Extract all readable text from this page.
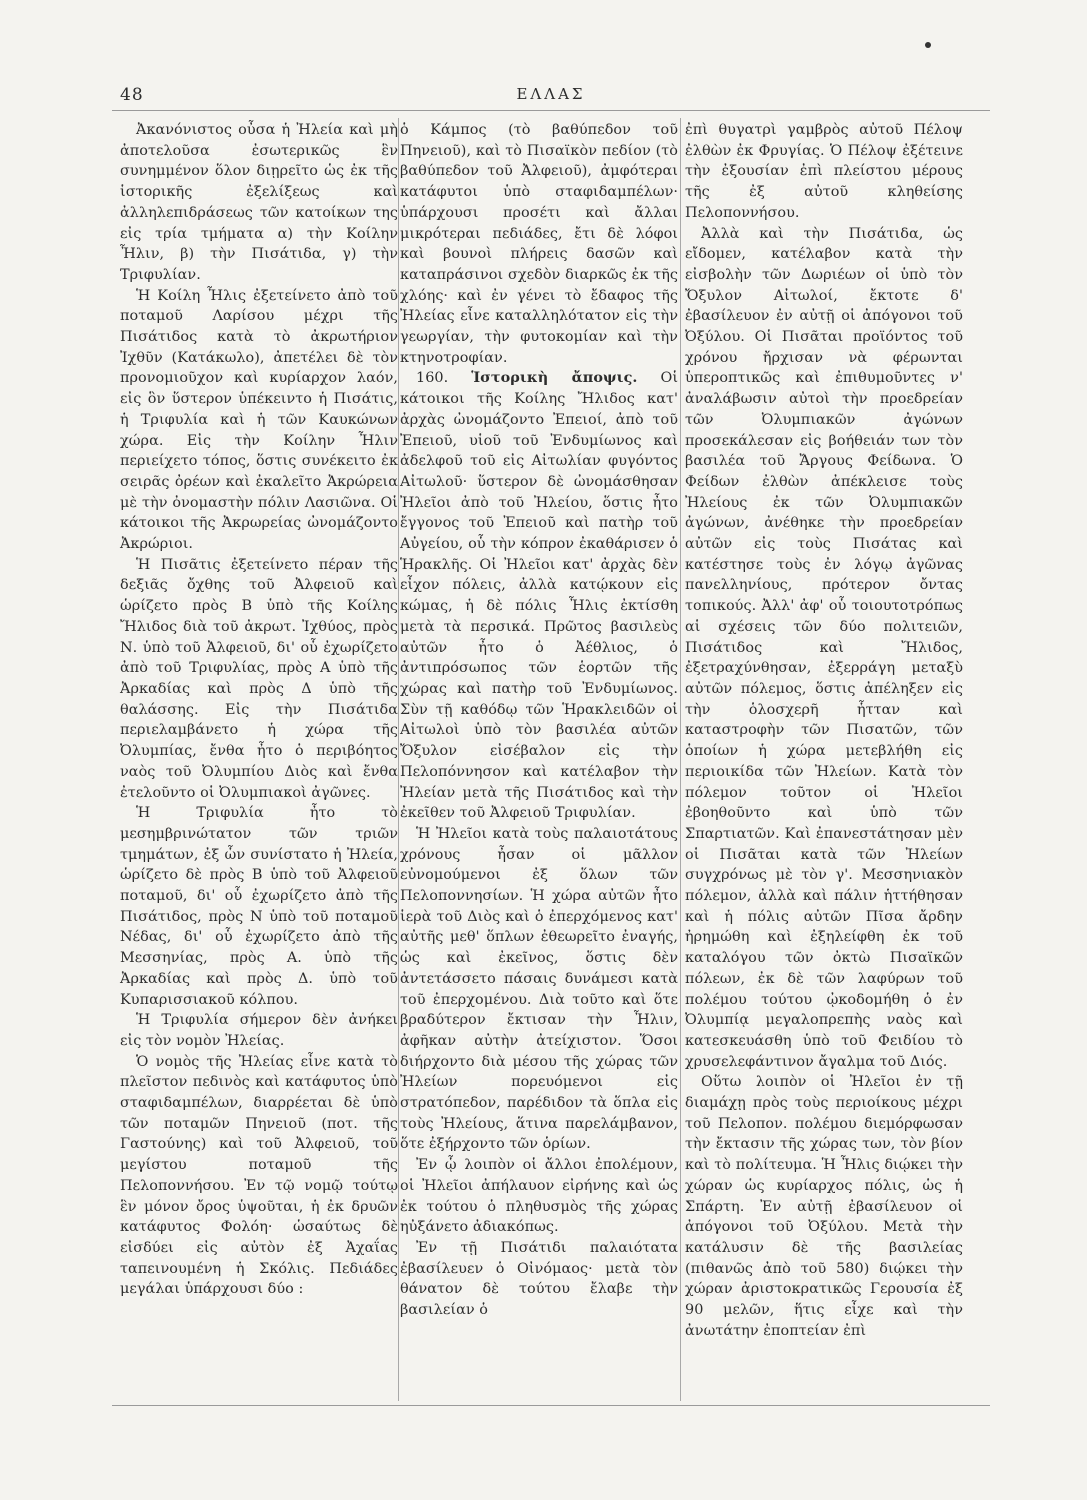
48	ΕΛΛΑΣ

Ἀκανόνιστος οὖσα ἡ Ἠλεία καὶ μὴ ἀποτελοῦσα ἐσωτερικῶς ἓν συνημμένον ὅλον διῃρεῖτο ὡς ἐκ τῆς ἱστορικῆς ἐξελίξεως καὶ ἀλληλεπιδράσεως τῶν κατοίκων της εἰς τρία τμήματα α) τὴν Κοίλην Ἦλιν, β) τὴν Πισάτιδα, γ) τὴν Τριφυλίαν.

Ἡ Κοίλη Ἦλις ἐξετείνετο ἀπὸ τοῦ ποταμοῦ Λαρίσου μέχρι τῆς Πισάτιδος κατὰ τὸ ἀκρωτήριον Ἰχθῦν (Κατάκωλο), ἀπετέλει δὲ τὸν προνομιοῦχον καὶ κυρίαρχον λαόν, εἰς ὃν ὕστερον ὑπέκειντο ἡ Πισάτις, ἡ Τριφυλία καὶ ἡ τῶν Καυκώνων χώρα. Εἰς τὴν Κοίλην Ἦλιν περιείχετο τόπος, ὅστις συνέκειτο ἐκ σειρᾶς ὀρέων καὶ ἐκαλεῖτο Ἀκρώρεια μὲ τὴν ὀνομαστὴν πόλιν Λασιῶνα. Οἱ κάτοικοι τῆς Ἀκρωρείας ὠνομάζοντο Ἀκρώριοι.

Ἡ Πισᾶτις ἐξετείνετο πέραν τῆς δεξιᾶς ὄχθης τοῦ Ἀλφειοῦ καὶ ὡρίζετο πρὸς Β ὑπὸ τῆς Κοίλης Ἤλιδος διὰ τοῦ ἀκρωτ. Ἰχθύος, πρὸς Ν. ὑπὸ τοῦ Ἀλφειοῦ, δι' οὗ ἐχωρίζετο ἀπὸ τοῦ Τριφυλίας, πρὸς Α ὑπὸ τῆς Ἀρκαδίας καὶ πρὸς Δ ὑπὸ τῆς θαλάσσης. Εἰς τὴν Πισάτιδα περιελαμβάνετο ἡ χώρα τῆς Ὀλυμπίας, ἔνθα ἦτο ὁ περιβόητος ναὸς τοῦ Ὀλυμπίου Διὸς καὶ ἔνθα ἐτελοῦντο οἱ Ὀλυμπιακοὶ ἀγῶνες.

Ἡ Τριφυλία ἦτο τὸ μεσημβρινώτατον τῶν τριῶν τμημάτων, ἐξ ὧν συνίστατο ἡ Ἠλεία, ὡρίζετο δὲ πρὸς Β ὑπὸ τοῦ Ἀλφειοῦ ποταμοῦ, δι' οὗ ἐχωρίζετο ἀπὸ τῆς Πισάτιδος, πρὸς Ν ὑπὸ τοῦ ποταμοῦ Νέδας, δι' οὗ ἐχωρίζετο ἀπὸ τῆς Μεσσηνίας, πρὸς Α. ὑπὸ τῆς Ἀρκαδίας καὶ πρὸς Δ. ὑπὸ τοῦ Κυπαρισσιακοῦ κόλπου.

Ἡ Τριφυλία σήμερον δὲν ἀνήκει εἰς τὸν νομὸν Ἠλείας.

Ὁ νομὸς τῆς Ἠλείας εἶνε κατὰ τὸ πλεῖστον πεδινὸς καὶ κατάφυτος ὑπὸ σταφιδαμπέλων, διαρρέεται δὲ ὑπὸ τῶν ποταμῶν Πηνειοῦ (ποτ. τῆς Γαστούνης) καὶ τοῦ Ἀλφειοῦ, τοῦ μεγίστου ποταμοῦ τῆς Πελοποννήσου. Ἐν τῷ νομῷ τούτῳ ἓν μόνον ὄρος ὑψοῦται, ἡ ἐκ δρυῶν κατάφυτος Φολόη· ὡσαύτως δὲ εἰσδύει εἰς αὐτὸν ἐξ Ἀχαΐας ταπεινουμένη ἡ Σκόλις. Πεδιάδες μεγάλαι ὑπάρχουσι δύο :

ὁ Κάμπος (τὸ βαθύπεδον τοῦ Πηνειοῦ), καὶ τὸ Πισαϊκὸν πεδίον (τὸ βαθύπεδον τοῦ Ἀλφειοῦ), ἀμφότεραι κατάφυτοι ὑπὸ σταφιδαμπέλων· ὑπάρχουσι προσέτι καὶ ἄλλαι μικρότεραι πεδιάδες, ἔτι δὲ λόφοι καὶ βουνοὶ πλήρεις δασῶν καὶ καταπράσινοι σχεδὸν διαρκῶς ἐκ τῆς χλόης· καὶ ἐν γένει τὸ ἔδαφος τῆς Ἠλείας εἶνε καταλληλότατον εἰς τὴν γεωργίαν, τὴν φυτοκομίαν καὶ τὴν κτηνοτροφίαν.

160. Ἱστορικὴ ἄποψις. Οἱ κάτοικοι τῆς Κοίλης Ἤλιδος κατ' ἀρχὰς ὠνομάζοντο Ἐπειοί, ἀπὸ τοῦ Ἐπειοῦ, υἱοῦ τοῦ Ἐνδυμίωνος καὶ ἀδελφοῦ τοῦ εἰς Αἰτωλίαν φυγόντος Αἰτωλοῦ· ὕστερον δὲ ὠνομάσθησαν Ἠλεῖοι ἀπὸ τοῦ Ἠλείου, ὅστις ἦτο ἔγγονος τοῦ Ἐπειοῦ καὶ πατὴρ τοῦ Αὐγείου, οὗ τὴν κόπρον ἐκαθάρισεν ὁ Ἡρακλῆς. Οἱ Ἠλεῖοι κατ' ἀρχὰς δὲν εἶχον πόλεις, ἀλλὰ κατῴκουν εἰς κώμας, ἡ δὲ πόλις Ἦλις ἐκτίσθη μετὰ τὰ περσικά. Πρῶτος βασιλεὺς αὐτῶν ἦτο ὁ Ἀέθλιος, ὁ ἀντιπρόσωπος τῶν ἑορτῶν τῆς χώρας καὶ πατὴρ τοῦ Ἐνδυμίωνος. Σὺν τῇ καθόδῳ τῶν Ἡρακλειδῶν οἱ Αἰτωλοὶ ὑπὸ τὸν βασιλέα αὐτῶν Ὄξυλον εἰσέβαλον εἰς τὴν Πελοπόννησον καὶ κατέλαβον τὴν Ἠλείαν μετὰ τῆς Πισάτιδος καὶ τὴν ἐκεῖθεν τοῦ Ἀλφειοῦ Τριφυλίαν.

Ἡ Ἠλεῖοι κατὰ τοὺς παλαιοτάτους χρόνους ἦσαν οἱ μᾶλλον εὐνομούμενοι ἐξ ὅλων τῶν Πελοποννησίων. Ἡ χώρα αὐτῶν ἦτο ἱερὰ τοῦ Διὸς καὶ ὁ ἐπερχόμενος κατ' αὐτῆς μεθ' ὅπλων ἐθεωρεῖτο ἐναγής, ὡς καὶ ἐκεῖνος, ὅστις δὲν ἀντετάσσετο πάσαις δυνάμεσι κατὰ τοῦ ἐπερχομένου. Διὰ τοῦτο καὶ ὅτε βραδύτερον ἔκτισαν τὴν Ἦλιν, ἀφῆκαν αὐτὴν ἀτείχιστον. Ὅσοι διήρχοντο διὰ μέσου τῆς χώρας τῶν Ἠλείων πορευόμενοι εἰς στρατόπεδον, παρέδιδον τὰ ὅπλα εἰς τοὺς Ἠλείους, ἅτινα παρελάμβανον, ὅτε ἐξήρχοντο τῶν ὁρίων.

Ἐν ᾧ λοιπὸν οἱ ἄλλοι ἐπολέμουν, οἱ Ἠλεῖοι ἀπήλαυον εἰρήνης καὶ ὡς ἐκ τούτου ὁ πληθυσμὸς τῆς χώρας ηὐξάνετο ἀδιακόπως.

Ἐν τῇ Πισάτιδι παλαιότατα ἐβασίλευεν ὁ Οἰνόμαος· μετὰ τὸν θάνατον δὲ τούτου ἔλαβε τὴν βασιλείαν ὁ

ἐπὶ θυγατρὶ γαμβρὸς αὐτοῦ Πέλοψ ἐλθὼν ἐκ Φρυγίας. Ὁ Πέλοψ ἐξέτεινε τὴν ἐξουσίαν ἐπὶ πλείστου μέρους τῆς ἐξ αὐτοῦ κληθείσης Πελοποννήσου.

Ἀλλὰ καὶ τὴν Πισάτιδα, ὡς εἴδομεν, κατέλαβον κατὰ τὴν εἰσβολὴν τῶν Δωριέων οἱ ὑπὸ τὸν Ὄξυλον Αἰτωλοί, ἔκτοτε δ' ἐβασίλευον ἐν αὐτῇ οἱ ἀπόγονοι τοῦ Ὀξύλου. Οἱ Πισᾶται προϊόντος τοῦ χρόνου ἤρχισαν νὰ φέρωνται ὑπεροπτικῶς καὶ ἐπιθυμοῦντες ν' ἀναλάβωσιν αὐτοὶ τὴν προεδρείαν τῶν Ὀλυμπιακῶν ἀγώνων προσεκάλεσαν εἰς βοήθειάν των τὸν βασιλέα τοῦ Ἄργους Φείδωνα. Ὁ Φείδων ἐλθὼν ἀπέκλεισε τοὺς Ἠλείους ἐκ τῶν Ὀλυμπιακῶν ἀγώνων, ἀνέθηκε τὴν προεδρείαν αὐτῶν εἰς τοὺς Πισάτας καὶ κατέστησε τοὺς ἐν λόγῳ ἀγῶνας πανελληνίους, πρότερον ὄντας τοπικούς. Ἀλλ' ἀφ' οὗ τοιουτοτρόπως αἱ σχέσεις τῶν δύο πολιτειῶν, Πισάτιδος καὶ Ἤλιδος, ἐξετραχύνθησαν, ἐξερράγη μεταξὺ αὐτῶν πόλεμος, ὅστις ἀπέληξεν εἰς τὴν ὁλοσχερῆ ἧτταν καὶ καταστροφὴν τῶν Πισατῶν, τῶν ὁποίων ἡ χώρα μετεβλήθη εἰς περιοικίδα τῶν Ἠλείων. Κατὰ τὸν πόλεμον τοῦτον οἱ Ἠλεῖοι ἐβοηθοῦντο καὶ ὑπὸ τῶν Σπαρτιατῶν. Καὶ ἐπανεστάτησαν μὲν οἱ Πισᾶται κατὰ τῶν Ἠλείων συγχρόνως μὲ τὸν γ'. Μεσσηνιακὸν πόλεμον, ἀλλὰ καὶ πάλιν ἡττήθησαν καὶ ἡ πόλις αὐτῶν Πῖσα ἄρδην ἠρημώθη καὶ ἐξηλείφθη ἐκ τοῦ καταλόγου τῶν ὀκτὼ Πισαϊκῶν πόλεων, ἐκ δὲ τῶν λαφύρων τοῦ πολέμου τούτου ᾠκοδομήθη ὁ ἐν Ὀλυμπίᾳ μεγαλοπρεπὴς ναὸς καὶ κατεσκευάσθη ὑπὸ τοῦ Φειδίου τὸ χρυσελεφάντινον ἄγαλμα τοῦ Διός.

Οὕτω λοιπὸν οἱ Ἠλεῖοι ἐν τῇ διαμάχῃ πρὸς τοὺς περιοίκους μέχρι τοῦ Πελοπον. πολέμου διεμόρφωσαν τὴν ἔκτασιν τῆς χώρας των, τὸν βίον καὶ τὸ πολίτευμα. Ἡ Ἦλις διῴκει τὴν χώραν ὡς κυρίαρχος πόλις, ὡς ἡ Σπάρτη. Ἐν αὐτῇ ἐβασίλευον οἱ ἀπόγονοι τοῦ Ὀξύλου. Μετὰ τὴν κατάλυσιν δὲ τῆς βασιλείας (πιθανῶς ἀπὸ τοῦ 580) διῴκει τὴν χώραν ἀριστοκρατικῶς Γερουσία ἐξ 90 μελῶν, ἥτις εἶχε καὶ τὴν ἀνωτάτην ἐποπτείαν ἐπὶ
